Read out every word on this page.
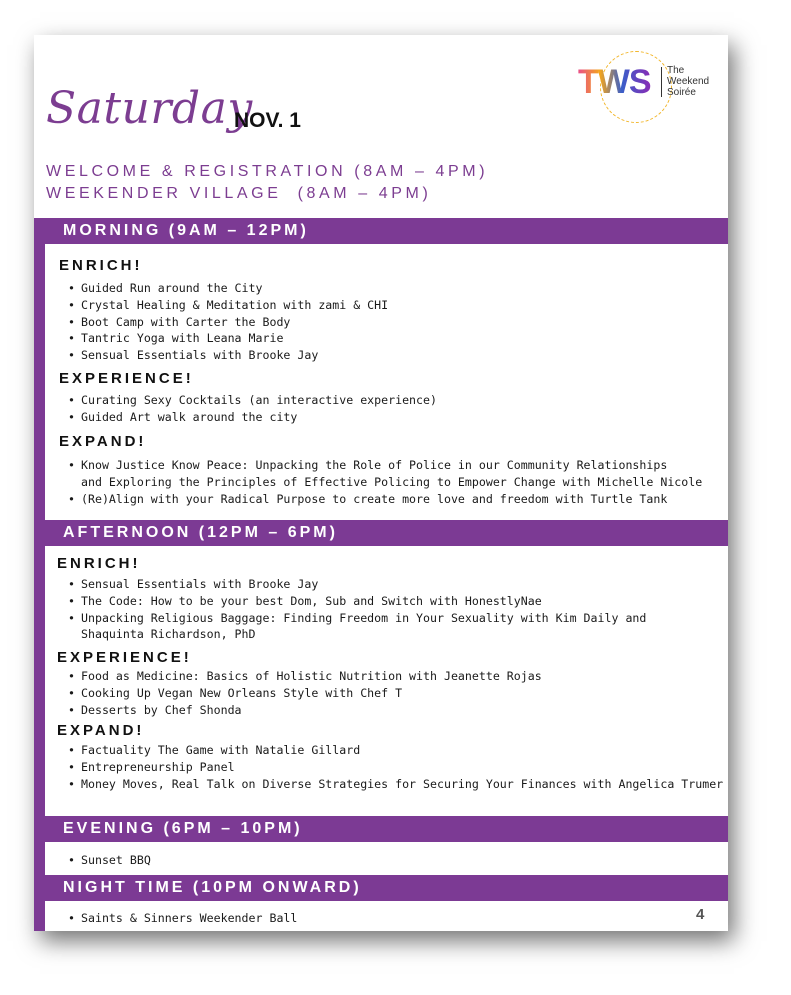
Saturday
NOV. 1
TWS The
Weekend
Soirée
WELCOME & REGISTRATION (8AM – 4PM)
WEEKENDER VILLAGE  (8AM – 4PM)
MORNING (9AM – 12PM)
ENRICH!
• Guided Run around the City
• Crystal Healing & Meditation with zami & CHI
• Boot Camp with Carter the Body
• Tantric Yoga with Leana Marie
• Sensual Essentials with Brooke Jay
EXPERIENCE!
• Curating Sexy Cocktails (an interactive experience)
• Guided Art walk around the city
EXPAND!
• Know Justice Know Peace: Unpacking the Role of Police in our Community Relationships
and Exploring the Principles of Effective Policing to Empower Change with Michelle Nicole
• (Re)Align with your Radical Purpose to create more love and freedom with Turtle Tank
AFTERNOON (12PM – 6PM)
ENRICH!
• Sensual Essentials with Brooke Jay
• The Code: How to be your best Dom, Sub and Switch with HonestlyNae
• Unpacking Religious Baggage: Finding Freedom in Your Sexuality with Kim Daily and
Shaquinta Richardson, PhD
EXPERIENCE!
• Food as Medicine: Basics of Holistic Nutrition with Jeanette Rojas
• Cooking Up Vegan New Orleans Style with Chef T
• Desserts by Chef Shonda
EXPAND!
• Factuality The Game with Natalie Gillard
• Entrepreneurship Panel
• Money Moves, Real Talk on Diverse Strategies for Securing Your Finances with Angelica Trumer
EVENING (6PM – 10PM)
• Sunset BBQ
NIGHT TIME (10PM ONWARD)
• Saints & Sinners Weekender Ball	4
